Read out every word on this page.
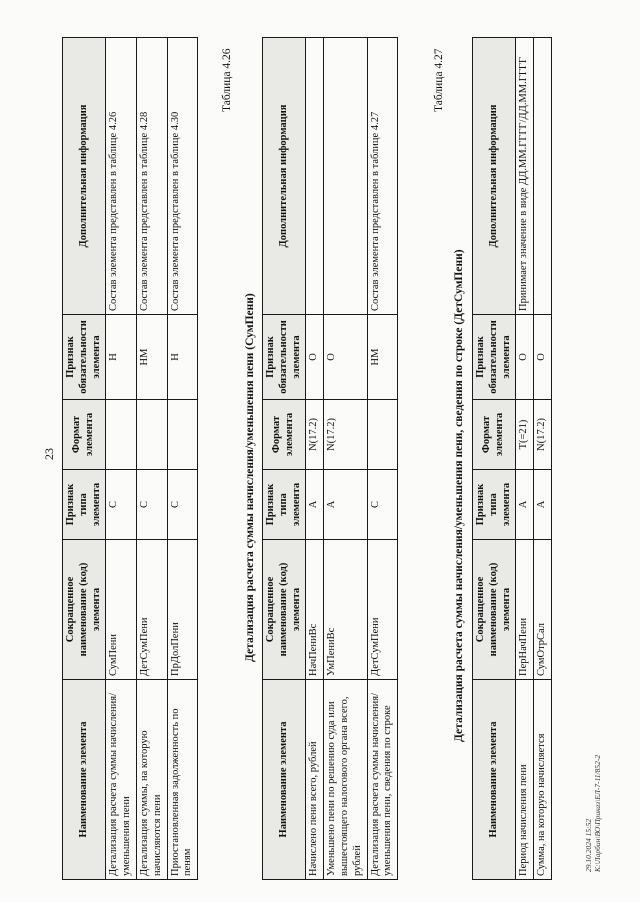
23
Наименование элемента	Сокращенное наименование (код) элемента	Признак типа элемента	Формат элемента	Признак обязательности элемента	Дополнительная информация
Детализация расчета суммы начисления/уменьшения пени	СумПени	С		Н	Состав элемента представлен в таблице 4.26
Детализация суммы, на которую начисляются пени	ДетСумПени	С		НМ	Состав элемента представлен в таблице 4.28
Приостановленная задолженность по пеням	ПрДолПени	С		Н	Состав элемента представлен в таблице 4.30
Таблица 4.26
Детализация расчета суммы начисления/уменьшения пени (СумПени)
Наименование элемента	Сокращенное наименование (код) элемента	Признак типа элемента	Формат элемента	Признак обязательности элемента	Дополнительная информация
Начислено пени всего, рублей	НачПениВс	А	N(17.2)	О	
Уменьшено пени по решению суда или вышестоящего налогового органа всего, рублей	УмПениВс	А	N(17.2)	О	
Детализация расчета суммы начисления/уменьшения пени, сведения по строке	ДетСумПени	С		НМ	Состав элемента представлен в таблице 4.27
Таблица 4.27
Детализация расчета суммы начисления/уменьшения пени, сведения по строке (ДетСумПени)
Наименование элемента	Сокращенное наименование (код) элемента	Признак типа элемента	Формат элемента	Признак обязательности элемента	Дополнительная информация
Период начисления пени	ПерНачПени	А	T(=21)	О	Принимает значение в виде ДД.ММ.ГГГГ/ДД.ММ.ГГГГ
Сумма, на которую начисляется	СумОтрСал	А	N(17.2)	О	
29.10.2024 15:52 К:\Ларбин\ВО\Приказ\ЕЛ-7-11/852-2
